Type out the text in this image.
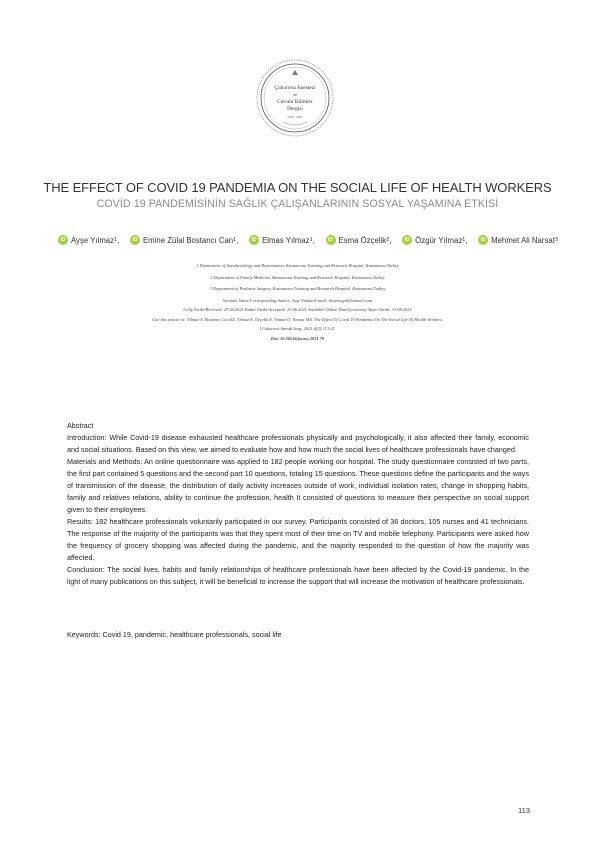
Çukurova Anestezi
ve
Cerrahi Bilimler
Dergisi
2018 - 2021
THE EFFECT OF COVID 19 PANDEMIA ON THE SOCIAL LIFE OF HEALTH WORKERS
COVİD 19 PANDEMİSİNİN SAĞLIK ÇALIŞANLARININ SOSYAL YAŞAMINA ETKİSİ
iD Ayşe Yılmaz 1 ,	iD Emine Zülal Bostancı Can 1 ,	iD Elmas Yılmaz 1 ,	iD Esma Özçelik 2 ,	iD Özgür Yılmaz 1 ,	iD Mehmet Ali Narsat 3
1 Department of Anesthesiology and Reanimation, Kastamonu Training and Research Hospital, Kastamonu,Turkey
2 Department of Family Medicine, Kastamonu Training and Research Hospital, Kastamonu,Turkey
3 Department of Pediatric Surgery, Kastamonu Training and Research Hospital, Kastamonu,Turkey
Sorumlu Yazar/Corresponding Author: Ayşe Yılmaz E-mail: drayseyge@hotmail.com
Geliş Tarihi/Received: 27.04.2021 Kabul Tarihi/Accepted: 23.06.2021 Available Online Date/Çevirimiçi Yayın Tarihi: 31.08.2021
Cite this article as: Yılmaz A, Bostancı Can EZ, Yılmaz E, Özçelik E, Yılmaz Ö, Narsat MA. The Effect Of Covid 19 Pandemia On The Social Life Of Health Workers.
J Cukurova Anesth Surg. 2021;4(2):113-21.
Doi: 10.36516/jocass.2021.79

Abstract

Introduction: While Covid-19 disease exhausted healthcare professionals physically and psychologically, it also affected their family, economic and social situations. Based on this view, we aimed to evaluate how and how much the social lives of healthcare professionals have changed.

Materials and Methods: An online questionnaire was applied to 182 people working our hospital. The study questionnaire consisted of two parts, the first part contained 5 questions and the second part 10 questions, totaling 15 questions. These questions define the participants and the ways of transmission of the disease, the distribution of daily activity increases outside of work, individual isolation rates, change in shopping habits, family and relatives relations, ability to continue the profession, health It consisted of questions to measure their perspective on social support given to their employees.

Results: 182 healthcare professionals voluntarily participated in our survey. Participants consisted of 36 doctors, 105 nurses and 41 technicians. The response of the majority of the participants was that they spent most of their time on TV and mobile telephony. Participants were asked how the frequency of grocery shopping was affected during the pandemic, and the majority responded to the question of how the majority was affected.

Conclusion: The social lives, habits and family relationships of healthcare professionals have been affected by the Covid-19 pandemic. In the light of many publications on this subject, it will be beneficial to increase the support that will increase the motivation of healthcare professionals.

Keywords: Covid 19, pandemic, healthcare professionals, social life
113
